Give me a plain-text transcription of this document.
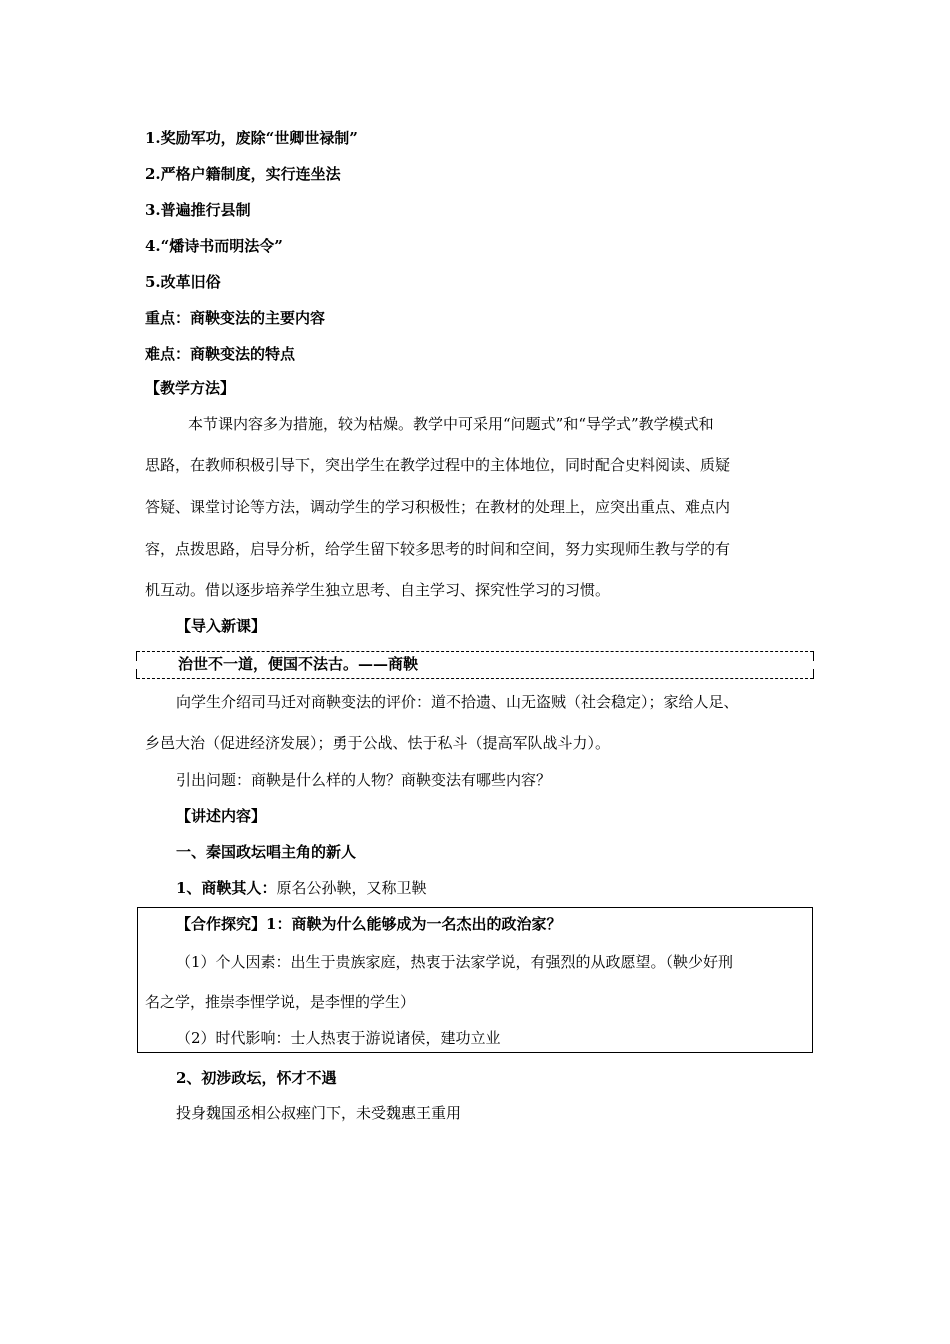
1.奖励军功，废除“世卿世禄制”
2.严格户籍制度，实行连坐法
3.普遍推行县制
4.“燔诗书而明法令”
5.改革旧俗
重点：商鞅变法的主要内容
难点：商鞅变法的特点
【教学方法】
本节课内容多为措施，较为枯燥。教学中可采用“问题式”和“导学式”教学模式和
思路，在教师积极引导下，突出学生在教学过程中的主体地位，同时配合史料阅读、质疑
答疑、课堂讨论等方法，调动学生的学习积极性；在教材的处理上，应突出重点、难点内
容，点拨思路，启导分析，给学生留下较多思考的时间和空间，努力实现师生教与学的有
机互动。借以逐步培养学生独立思考、自主学习、探究性学习的习惯。
【导入新课】
治世不一道，便国不法古。——商鞅
向学生介绍司马迁对商鞅变法的评价：道不拾遗、山无盗贼（社会稳定）；家给人足、
乡邑大治（促进经济发展）；勇于公战、怯于私斗（提高军队战斗力）。
引出问题：商鞅是什么样的人物？商鞅变法有哪些内容？
【讲述内容】
一、秦国政坛唱主角的新人
1、商鞅其人：原名公孙鞅，又称卫鞅
【合作探究】1：商鞅为什么能够成为一名杰出的政治家？
（1）个人因素：出生于贵族家庭，热衷于法家学说，有强烈的从政愿望。（鞅少好刑
名之学，推崇李悝学说，是李悝的学生）
（2）时代影响：士人热衷于游说诸侯，建功立业
2、初涉政坛，怀才不遇
投身魏国丞相公叔痤门下，未受魏惠王重用
